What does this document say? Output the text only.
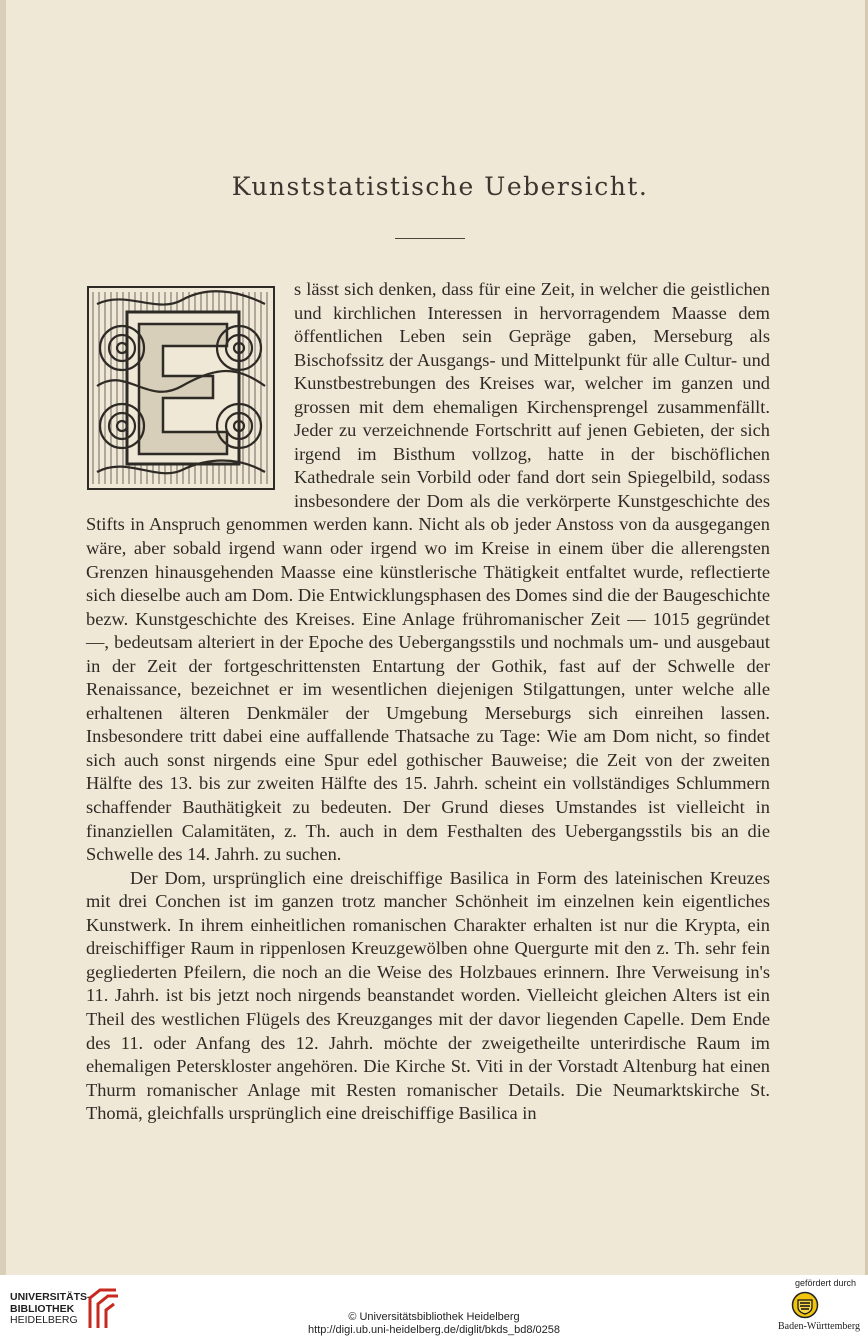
Kunststatistische Uebersicht.

s lässt sich denken, dass für eine Zeit, in welcher die geistlichen und kirchlichen Interessen in hervorragendem Maasse dem öffentlichen Leben sein Gepräge gaben, Merseburg als Bischofssitz der Ausgangs- und Mittelpunkt für alle Cultur- und Kunstbestrebungen des Kreises war, welcher im ganzen und grossen mit dem ehemaligen Kirchensprengel zusammenfällt. Jeder zu verzeichnende Fortschritt auf jenen Gebieten, der sich irgend im Bisthum vollzog, hatte in der bischöflichen Kathedrale sein Vorbild oder fand dort sein Spiegelbild, sodass insbesondere der Dom als die verkörperte Kunstgeschichte des Stifts in Anspruch genommen werden kann. Nicht als ob jeder Anstoss von da ausgegangen wäre, aber sobald irgend wann oder irgend wo im Kreise in einem über die allerengsten Grenzen hinausgehenden Maasse eine künstlerische Thätigkeit entfaltet wurde, reflectierte sich dieselbe auch am Dom. Die Entwicklungsphasen des Domes sind die der Baugeschichte bezw. Kunstgeschichte des Kreises. Eine Anlage frühromanischer Zeit — 1015 gegründet —, bedeutsam alteriert in der Epoche des Uebergangsstils und nochmals um- und ausgebaut in der Zeit der fortgeschrittensten Entartung der Gothik, fast auf der Schwelle der Renaissance, bezeichnet er im wesentlichen diejenigen Stilgattungen, unter welche alle erhaltenen älteren Denkmäler der Umgebung Merseburgs sich einreihen lassen. Insbesondere tritt dabei eine auffallende Thatsache zu Tage: Wie am Dom nicht, so findet sich auch sonst nirgends eine Spur edel gothischer Bauweise; die Zeit von der zweiten Hälfte des 13. bis zur zweiten Hälfte des 15. Jahrh. scheint ein vollständiges Schlummern schaffender Bauthätigkeit zu bedeuten. Der Grund dieses Umstandes ist vielleicht in finanziellen Calamitäten, z. Th. auch in dem Festhalten des Uebergangsstils bis an die Schwelle des 14. Jahrh. zu suchen.

Der Dom, ursprünglich eine dreischiffige Basilica in Form des lateinischen Kreuzes mit drei Conchen ist im ganzen trotz mancher Schönheit im einzelnen kein eigentliches Kunstwerk. In ihrem einheitlichen romanischen Charakter erhalten ist nur die Krypta, ein dreischiffiger Raum in rippenlosen Kreuzgewölben ohne Quergurte mit den z. Th. sehr fein gegliederten Pfeilern, die noch an die Weise des Holzbaues erinnern. Ihre Verweisung in's 11. Jahrh. ist bis jetzt noch nirgends beanstandet worden. Vielleicht gleichen Alters ist ein Theil des westlichen Flügels des Kreuzganges mit der davor liegenden Capelle. Dem Ende des 11. oder Anfang des 12. Jahrh. möchte der zweigetheilte unterirdische Raum im ehemaligen Peterskloster angehören. Die Kirche St. Viti in der Vorstadt Altenburg hat einen Thurm romanischer Anlage mit Resten romanischer Details. Die Neumarktskirche St. Thomä, gleichfalls ursprünglich eine dreischiffige Basilica in

UNIVERSITÄTS-
BIBLIOTHEK
HEIDELBERG	© Universitätsbibliothek Heidelberg
http://digi.ub.uni-heidelberg.de/diglit/bkds_bd8/0258
gefördert durch
Baden-Württemberg
